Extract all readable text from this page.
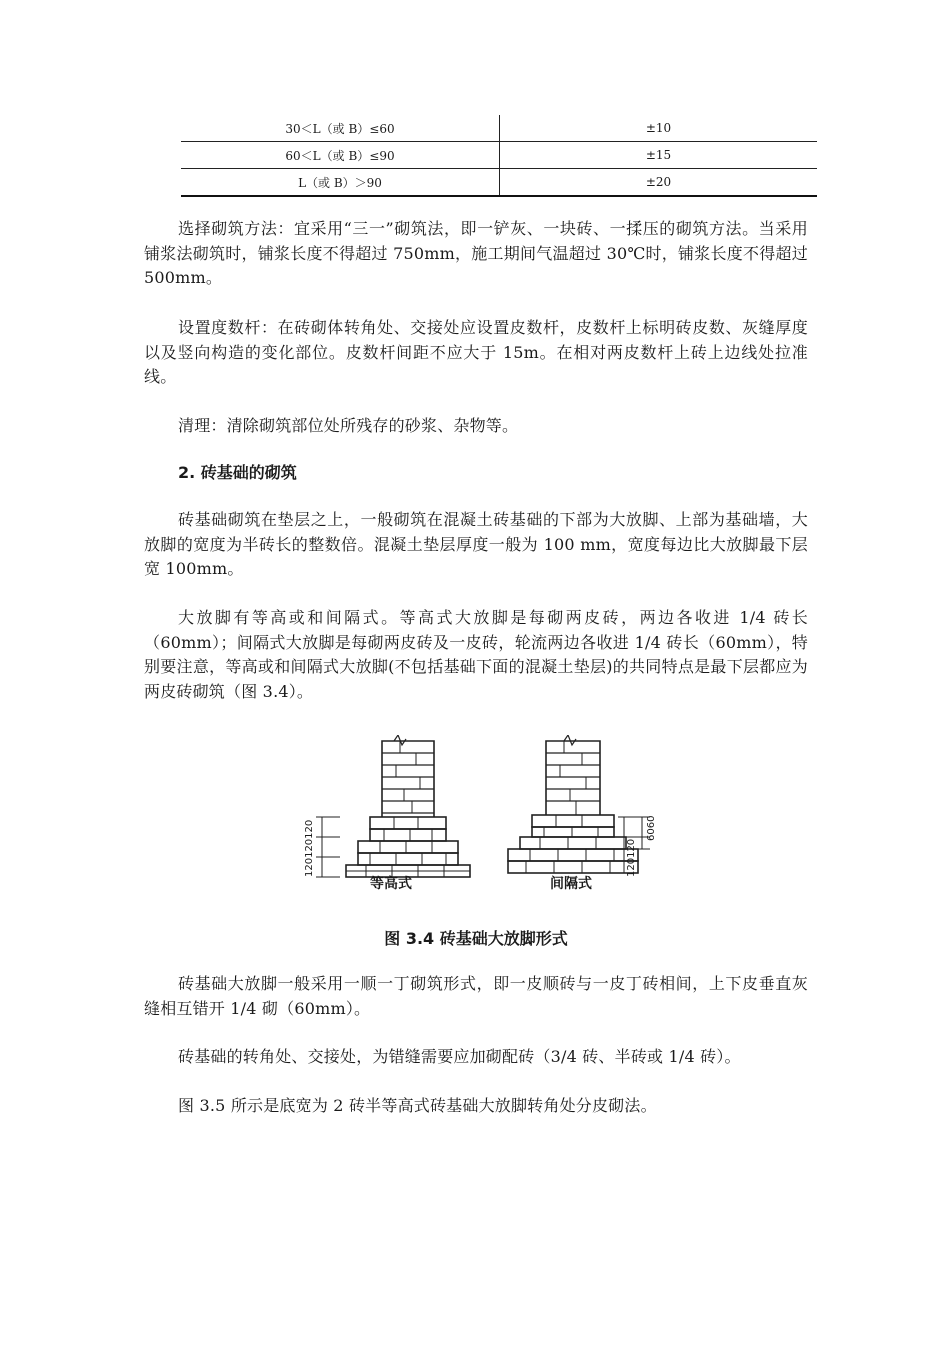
30＜L（或 B）≤60	±10
60＜L（或 B）≤90	±15
L（或 B）＞90	±20

选择砌筑方法：宜采用“三一”砌筑法，即一铲灰、一块砖、一揉压的砌筑方法。当采用铺浆法砌筑时，铺浆长度不得超过 750mm，施工期间气温超过 30℃时，铺浆长度不得超过 500mm。

设置度数杆：在砖砌体转角处、交接处应设置皮数杆，皮数杆上标明砖皮数、灰缝厚度以及竖向构造的变化部位。皮数杆间距不应大于 15m。在相对两皮数杆上砖上边线处拉准线。

清理：清除砌筑部位处所残存的砂浆、杂物等。

2. 砖基础的砌筑

砖基础砌筑在垫层之上，一般砌筑在混凝土砖基础的下部为大放脚、上部为基础墙，大放脚的宽度为半砖长的整数倍。混凝土垫层厚度一般为 100 mm，宽度每边比大放脚最下层宽 100mm。

大放脚有等高或和间隔式。等高式大放脚是每砌两皮砖，两边各收进 1/4 砖长（60mm）；间隔式大放脚是每砌两皮砖及一皮砖，轮流两边各收进 1/4 砖长（60mm），特别要注意，等高或和间隔式大放脚(不包括基础下面的混凝土垫层)的共同特点是最下层都应为两皮砖砌筑（图 3.4）。

120120120	120120
6060
等高式	间隔式

图 3.4 砖基础大放脚形式

砖基础大放脚一般采用一顺一丁砌筑形式，即一皮顺砖与一皮丁砖相间，上下皮垂直灰缝相互错开 1/4 砌（60mm）。

砖基础的转角处、交接处，为错缝需要应加砌配砖（3/4 砖、半砖或 1/4 砖）。

图 3.5 所示是底宽为 2 砖半等高式砖基础大放脚转角处分皮砌法。
